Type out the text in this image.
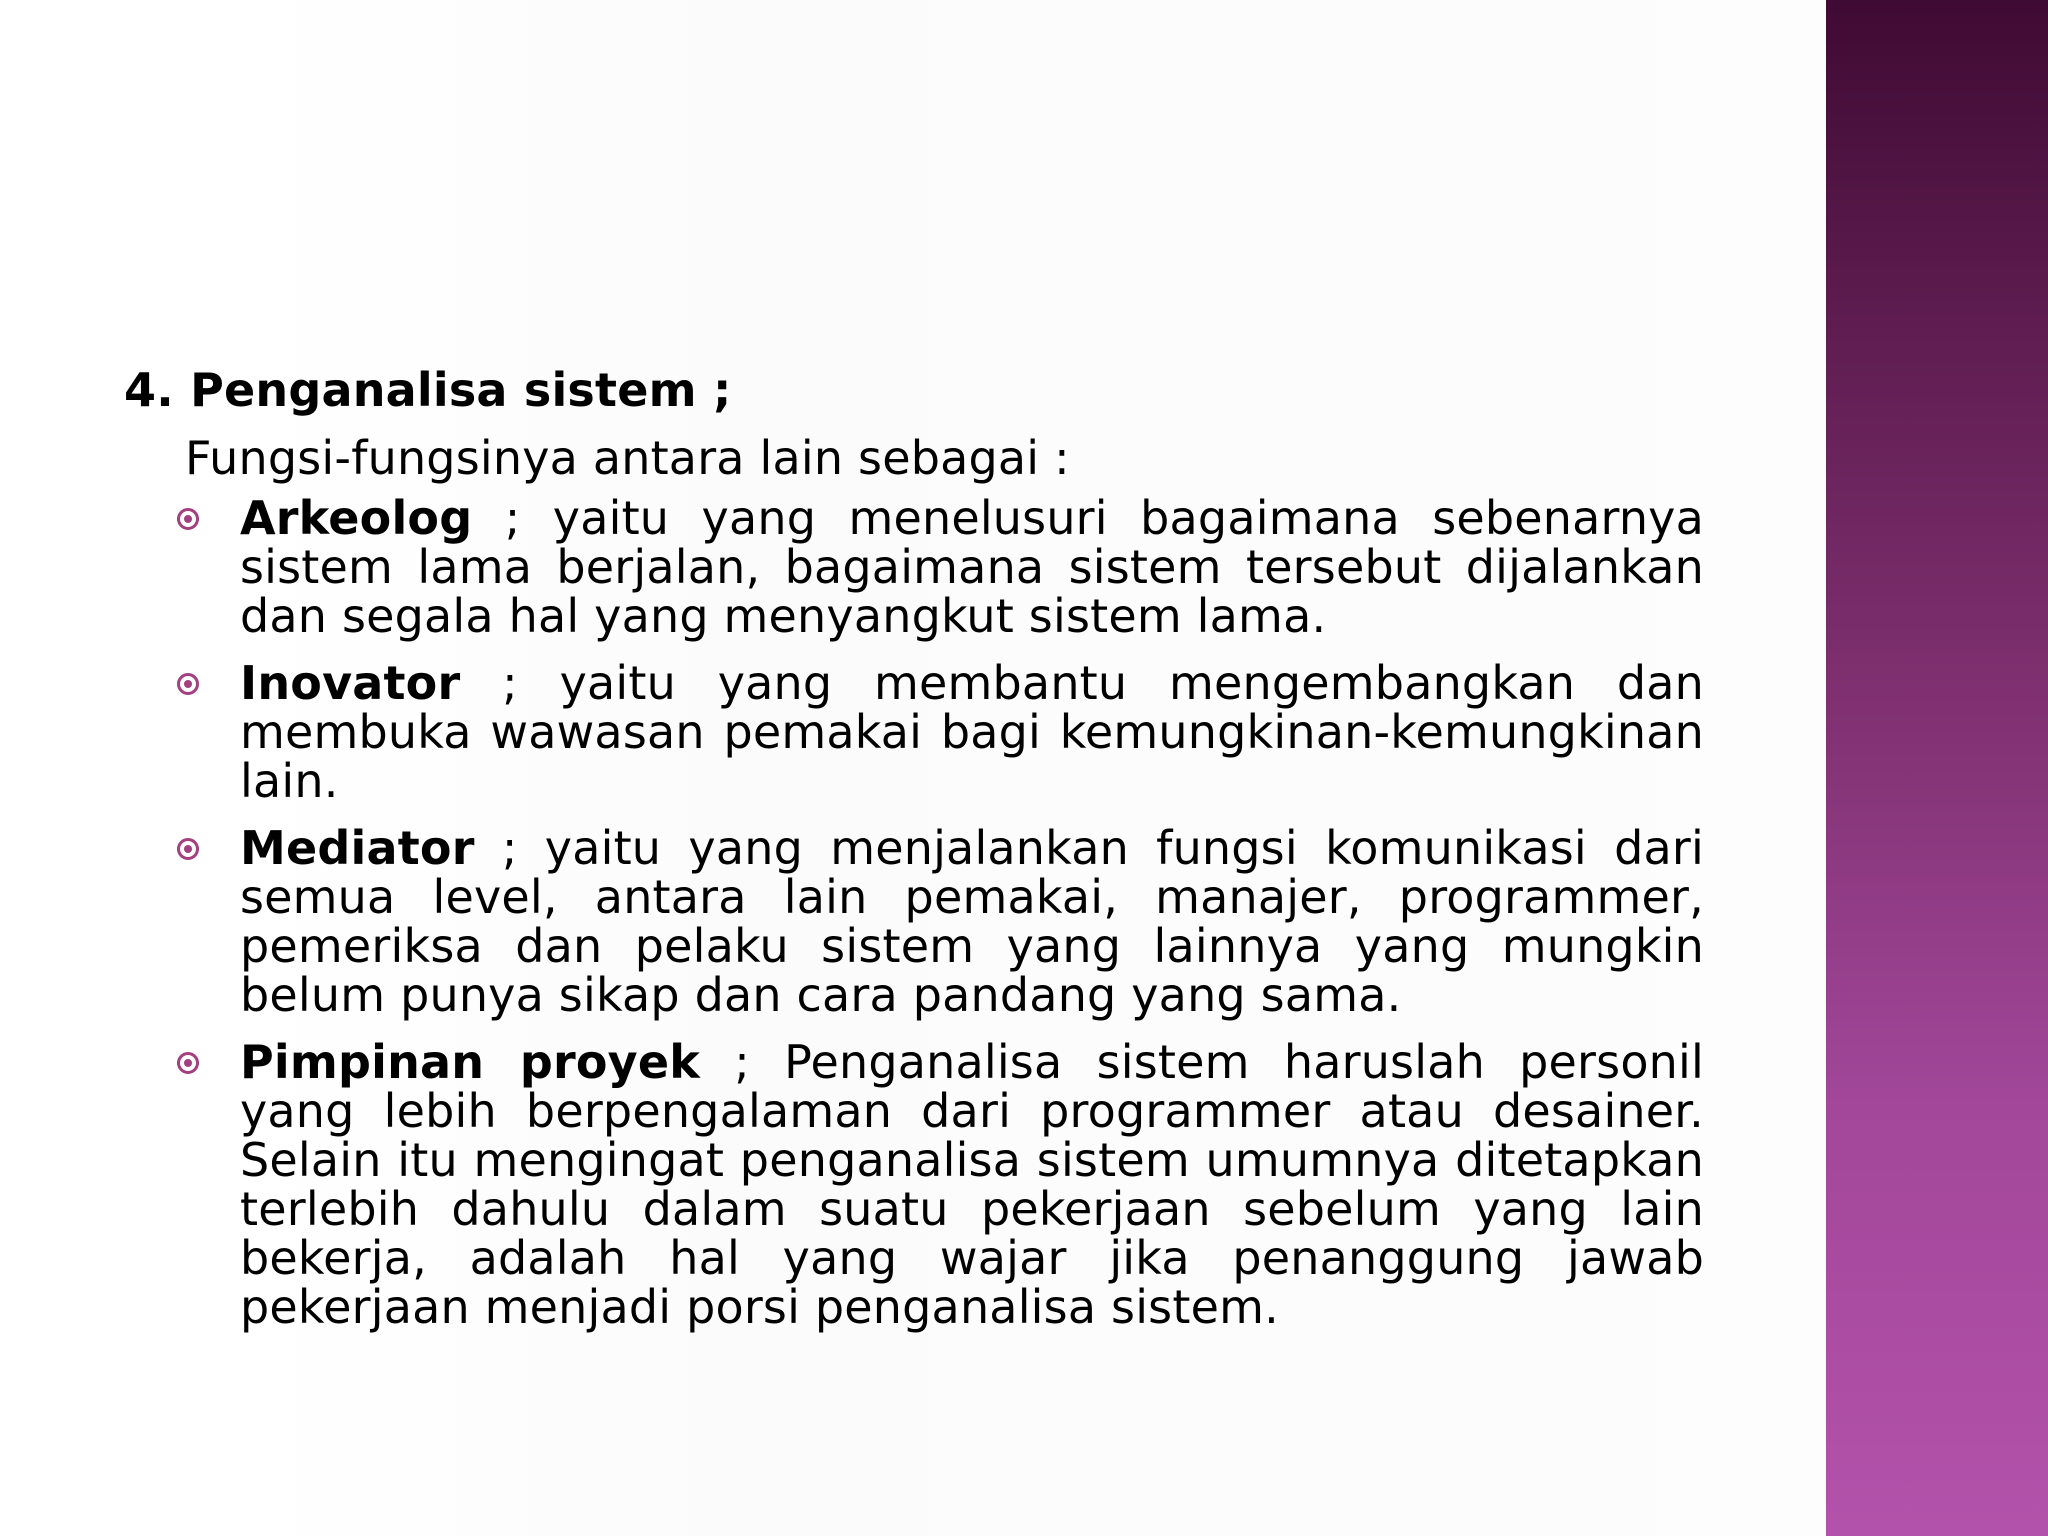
4. Penganalisa sistem ;

Fungsi-fungsinya antara lain sebagai :

Arkeolog ; yaitu yang menelusuri bagaimana sebenarnya sistem lama berjalan, bagaimana sistem tersebut dijalankan dan segala hal yang menyangkut sistem lama.
Inovator ; yaitu yang membantu mengembangkan dan membuka wawasan pemakai bagi kemungkinan-kemungkinan lain.
Mediator ; yaitu yang menjalankan fungsi komunikasi dari semua level, antara lain pemakai, manajer, programmer, pemeriksa dan pelaku sistem yang lainnya yang mungkin belum punya sikap dan cara pandang yang sama.
Pimpinan proyek ; Penganalisa sistem haruslah personil yang lebih berpengalaman dari programmer atau desainer. Selain itu mengingat penganalisa sistem umumnya ditetapkan terlebih dahulu dalam suatu pekerjaan sebelum yang lain bekerja, adalah hal yang wajar jika penanggung jawab pekerjaan menjadi porsi penganalisa sistem.
